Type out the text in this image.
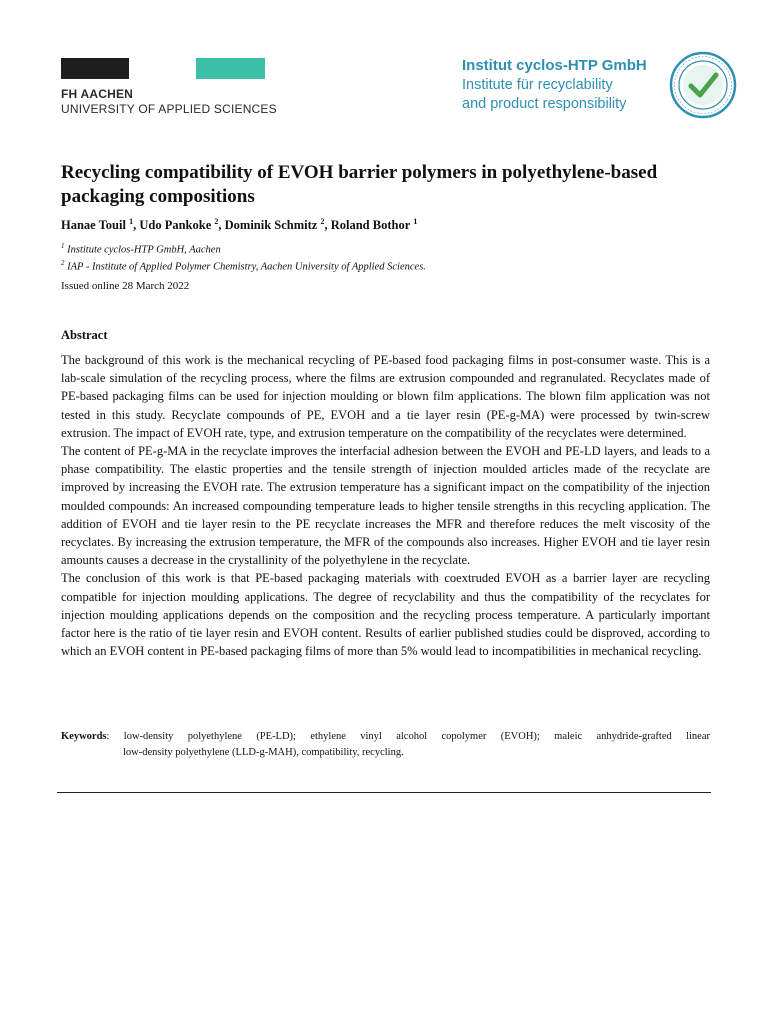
FH AACHEN
UNIVERSITY OF APPLIED SCIENCES
Institut cyclos-HTP GmbH
Institute für recyclability
and product responsibility
Recycling compatibility of EVOH barrier polymers in polyethylene-based packaging compositions
Hanae Touil $^1$, Udo Pankoke $^2$, Dominik Schmitz $^2$, Roland Bothor $^1$
$^1$ Institute cyclos-HTP GmbH, Aachen
$^2$ IAP - Institute of Applied Polymer Chemistry, Aachen University of Applied Sciences.
Issued online 28 March 2022
Abstract

The background of this work is the mechanical recycling of PE-based food packaging films in post-consumer waste. This is a lab-scale simulation of the recycling process, where the films are extrusion compounded and regranulated. Recyclates made of PE-based packaging films can be used for injection moulding or blown film applications. The blown film application was not tested in this study. Recyclate compounds of PE, EVOH and a tie layer resin (PE-g-MA) were processed by twin-screw extrusion. The impact of EVOH rate, type, and extrusion temperature on the compatibility of the recyclates were determined.

The content of PE-g-MA in the recyclate improves the interfacial adhesion between the EVOH and PE-LD layers, and leads to a phase compatibility. The elastic properties and the tensile strength of injection moulded articles made of the recyclate are improved by increasing the EVOH rate. The extrusion temperature has a significant impact on the compatibility of the injection moulded compounds: An increased compounding temperature leads to higher tensile strengths in this recycling application. The addition of EVOH and tie layer resin to the PE recyclate increases the MFR and therefore reduces the melt viscosity of the recyclates. By increasing the extrusion temperature, the MFR of the compounds also increases. Higher EVOH and tie layer resin amounts causes a decrease in the crystallinity of the polyethylene in the recyclate.

The conclusion of this work is that PE-based packaging materials with coextruded EVOH as a barrier layer are recycling compatible for injection moulding applications. The degree of recyclability and thus the compatibility of the recyclates for injection moulding applications depends on the composition and the recycling process temperature. A particularly important factor here is the ratio of tie layer resin and EVOH content. Results of earlier published studies could be disproved, according to which an EVOH content in PE-based packaging films of more than 5% would lead to incompatibilities in mechanical recycling.

Keywords: low-density polyethylene (PE-LD); ethylene vinyl alcohol copolymer (EVOH); maleic anhydride-grafted linear
low-density polyethylene (LLD-g-MAH), compatibility, recycling.
